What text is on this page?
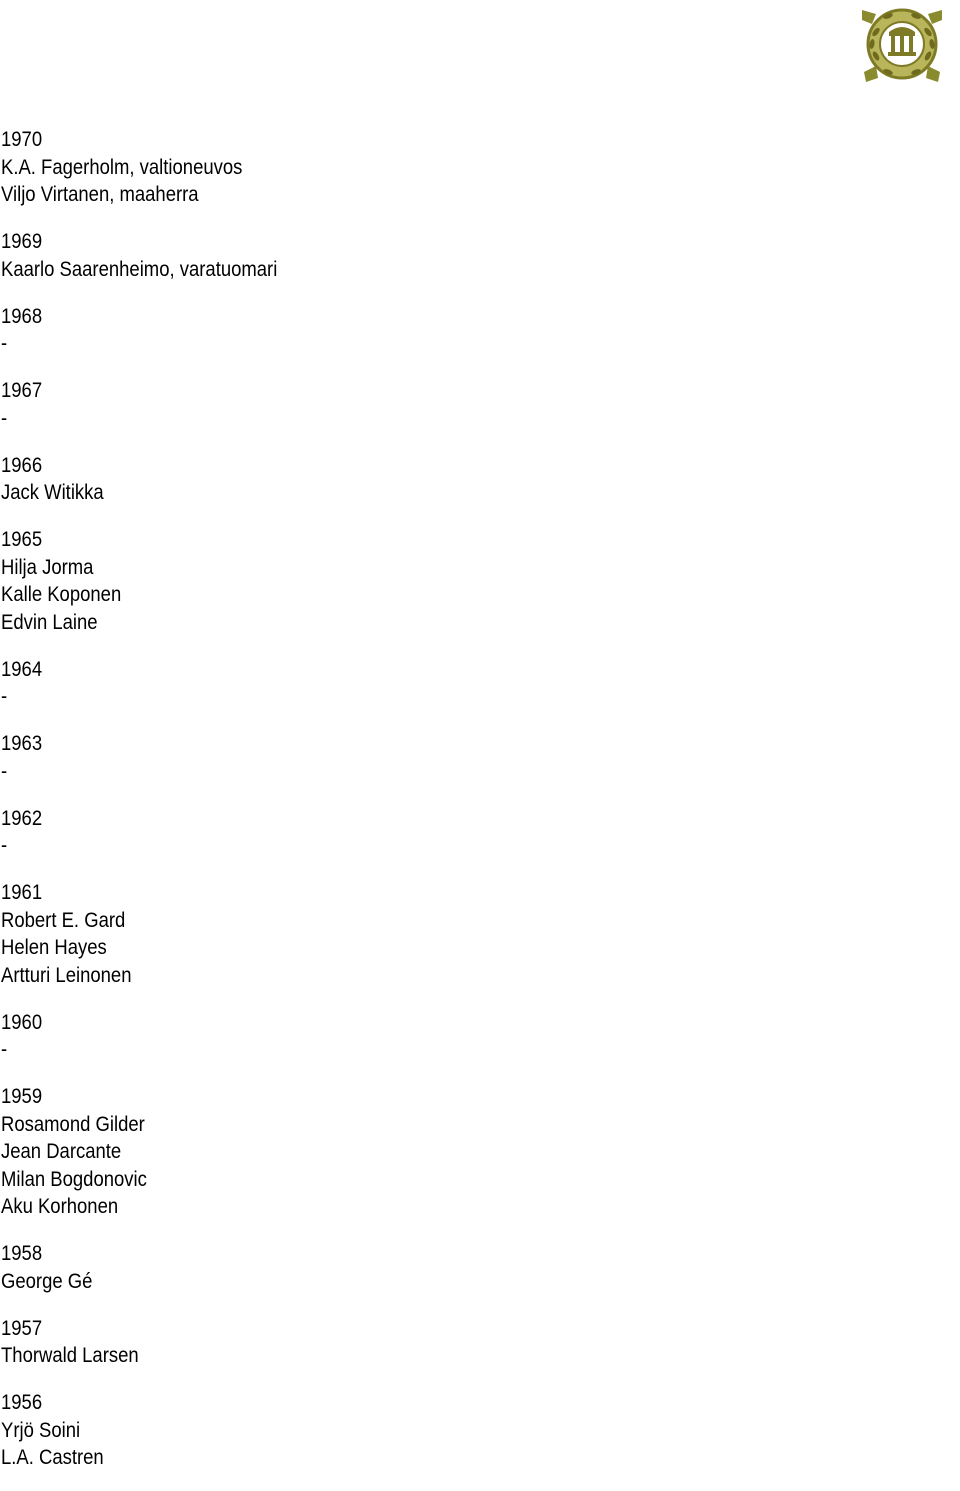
1970
K.A. Fagerholm, valtioneuvos
Viljo Virtanen, maaherra
1969
Kaarlo Saarenheimo, varatuomari
1968
-
1967
-
1966
Jack Witikka
1965
Hilja Jorma
Kalle Koponen
Edvin Laine
1964
-
1963
-
1962
-
1961
Robert E. Gard
Helen Hayes
Artturi Leinonen
1960
-
1959
Rosamond Gilder
Jean Darcante
Milan Bogdonovic
Aku Korhonen
1958
George Gé
1957
Thorwald Larsen
1956
Yrjö Soini
L.A. Castren
